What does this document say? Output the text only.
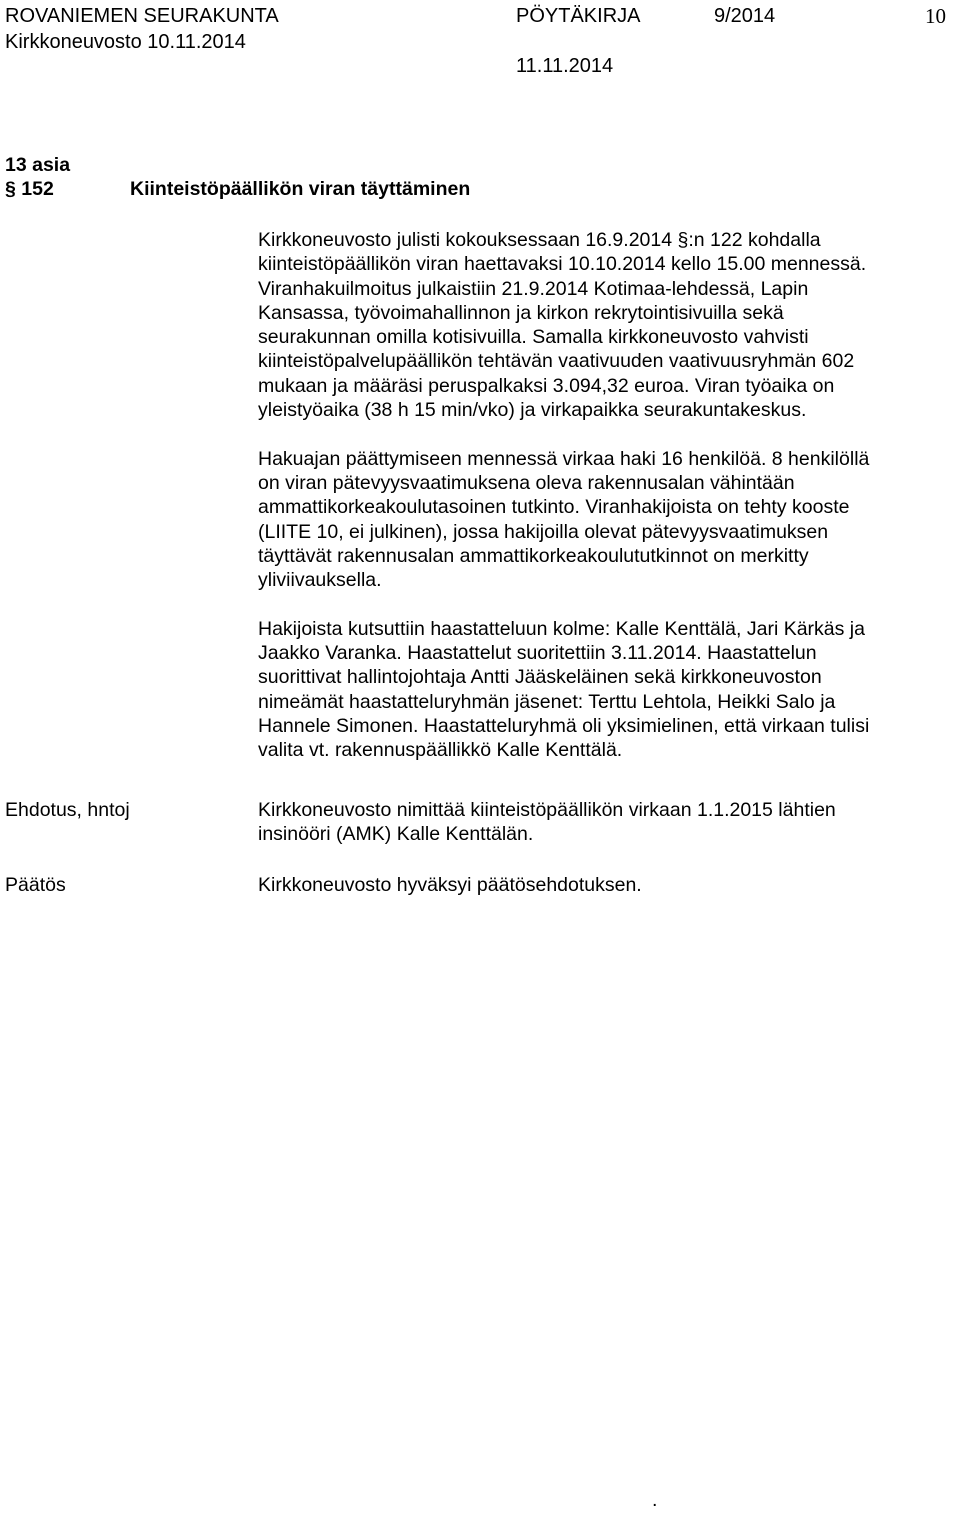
ROVANIEMEN SEURAKUNTA	PÖYTÄKIRJA	9/2014	10
Kirkkoneuvosto 10.11.2014
11.11.2014
13 asia
§ 152	Kiinteistöpäällikön viran täyttäminen
Kirkkoneuvosto julisti kokouksessaan 16.9.2014 §:n 122 kohdalla
kiinteistöpäällikön viran haettavaksi 10.10.2014 kello 15.00 mennessä.
Viranhakuilmoitus julkaistiin 21.9.2014 Kotimaa-lehdessä, Lapin
Kansassa, työvoimahallinnon ja kirkon rekrytointisivuilla sekä
seurakunnan omilla kotisivuilla. Samalla kirkkoneuvosto vahvisti
kiinteistöpalvelupäällikön tehtävän vaativuuden vaativuusryhmän 602
mukaan ja määräsi peruspalkaksi 3.094,32 euroa. Viran työaika on
yleistyöaika (38 h 15 min/vko) ja virkapaikka seurakuntakeskus.
Hakuajan päättymiseen mennessä virkaa haki 16 henkilöä. 8 henkilöllä
on viran pätevyysvaatimuksena oleva rakennusalan vähintään
ammattikorkeakoulutasoinen tutkinto. Viranhakijoista on tehty kooste
(LIITE 10, ei julkinen), jossa hakijoilla olevat pätevyysvaatimuksen
täyttävät rakennusalan ammattikorkeakoulututkinnot on merkitty
yliviivauksella.
Hakijoista kutsuttiin haastatteluun kolme: Kalle Kenttälä, Jari Kärkäs ja
Jaakko Varanka. Haastattelut suoritettiin 3.11.2014. Haastattelun
suorittivat hallintojohtaja Antti Jääskeläinen sekä kirkkoneuvoston
nimeämät haastatteluryhmän jäsenet: Terttu Lehtola, Heikki Salo ja
Hannele Simonen. Haastatteluryhmä oli yksimielinen, että virkaan tulisi
valita vt. rakennuspäällikkö Kalle Kenttälä.
Ehdotus, hntoj	Kirkkoneuvosto nimittää kiinteistöpäällikön virkaan 1.1.2015 lähtien
insinööri (AMK) Kalle Kenttälän.
Päätös	Kirkkoneuvosto hyväksyi päätösehdotuksen.
.
